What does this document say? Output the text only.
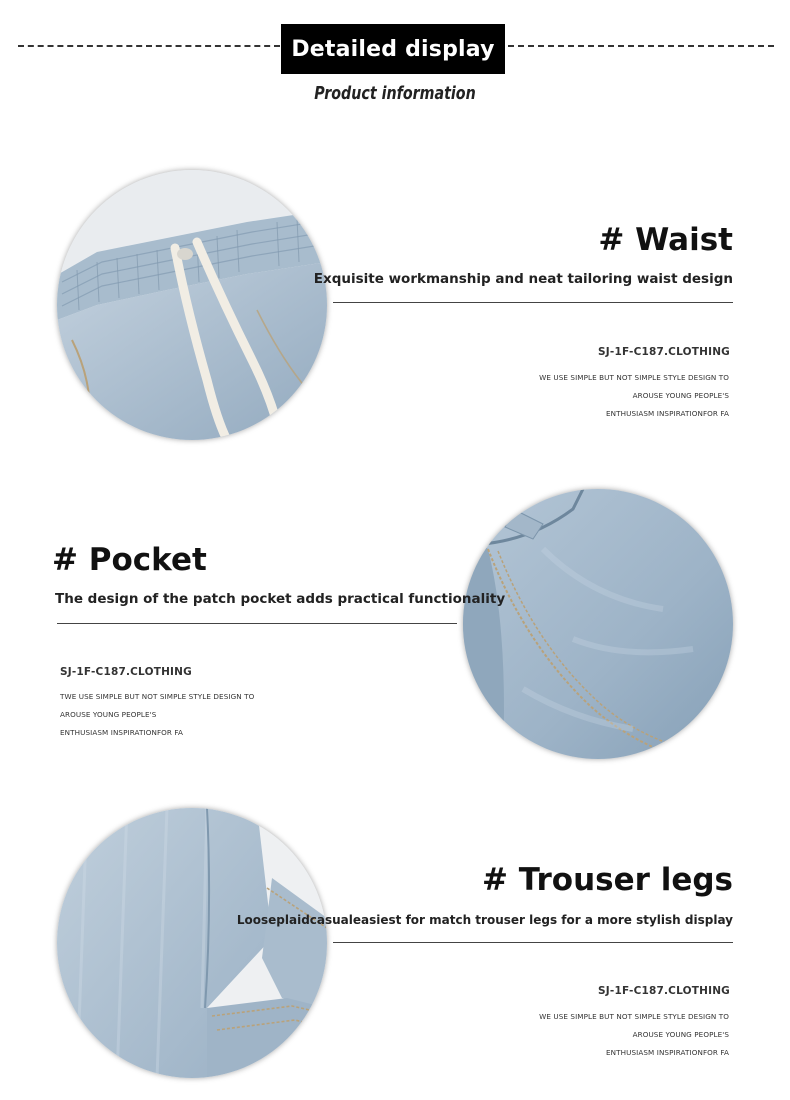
Detailed display
Product information
# Waist
Exquisite workmanship and neat tailoring waist design
SJ-1F-C187.CLOTHING
WE USE SIMPLE BUT NOT SIMPLE STYLE DESIGN TO
AROUSE YOUNG PEOPLE'S
ENTHUSIASM INSPIRATIONFOR FA
# Pocket
The design of the patch pocket adds practical functionality
SJ-1F-C187.CLOTHING
TWE USE SIMPLE BUT NOT SIMPLE STYLE DESIGN TO
AROUSE YOUNG PEOPLE'S
ENTHUSIASM INSPIRATIONFOR FA
# Trouser legs
Looseplaidcasualeasiest for match trouser legs for a more stylish display
SJ-1F-C187.CLOTHING
WE USE SIMPLE BUT NOT SIMPLE STYLE DESIGN TO
AROUSE YOUNG PEOPLE'S
ENTHUSIASM INSPIRATIONFOR FA
